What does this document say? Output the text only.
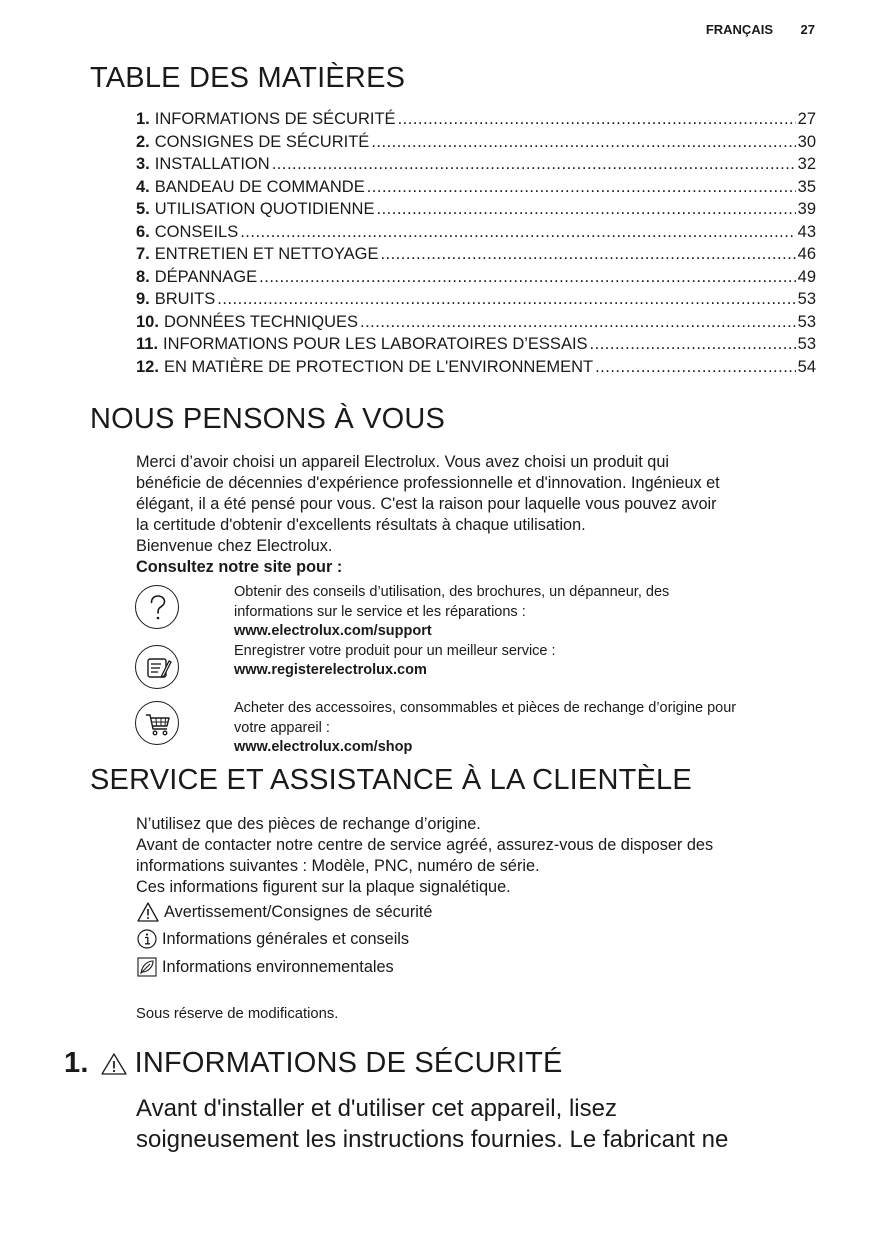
FRANÇAIS	27
TABLE DES MATIÈRES
1. INFORMATIONS DE SÉCURITÉ .....	27
2. CONSIGNES DE SÉCURITÉ .....	30
3. INSTALLATION .....	32
4. BANDEAU DE COMMANDE .....	35
5. UTILISATION QUOTIDIENNE .....	39
6. CONSEILS .....	43
7. ENTRETIEN ET NETTOYAGE .....	46
8. DÉPANNAGE .....	49
9. BRUITS .....	53
10. DONNÉES TECHNIQUES .....	53
11. INFORMATIONS POUR LES LABORATOIRES D’ESSAIS .....	53
12. EN MATIÈRE DE PROTECTION DE L'ENVIRONNEMENT .....	54
NOUS PENSONS À VOUS
Merci d’avoir choisi un appareil Electrolux. Vous avez choisi un produit qui
bénéficie de décennies d'expérience professionnelle et d'innovation. Ingénieux et
élégant, il a été pensé pour vous. C'est la raison pour laquelle vous pouvez avoir
la certitude d'obtenir d'excellents résultats à chaque utilisation.
Bienvenue chez Electrolux.
Consultez notre site pour :
Obtenir des conseils d’utilisation, des brochures, un dépanneur, des
informations sur le service et les réparations :
www.electrolux.com/support
Enregistrer votre produit pour un meilleur service :
www.registerelectrolux.com
Acheter des accessoires, consommables et pièces de rechange d’origine pour
votre appareil :
www.electrolux.com/shop
SERVICE ET ASSISTANCE À LA CLIENTÈLE
N’utilisez que des pièces de rechange d’origine.
Avant de contacter notre centre de service agréé, assurez-vous de disposer des
informations suivantes : Modèle, PNC, numéro de série.
Ces informations figurent sur la plaque signalétique.
Avertissement/Consignes de sécurité
Informations générales et conseils
Informations environnementales
Sous réserve de modifications.
1. INFORMATIONS DE SÉCURITÉ
Avant d'installer et d'utiliser cet appareil, lisez
soigneusement les instructions fournies. Le fabricant ne
